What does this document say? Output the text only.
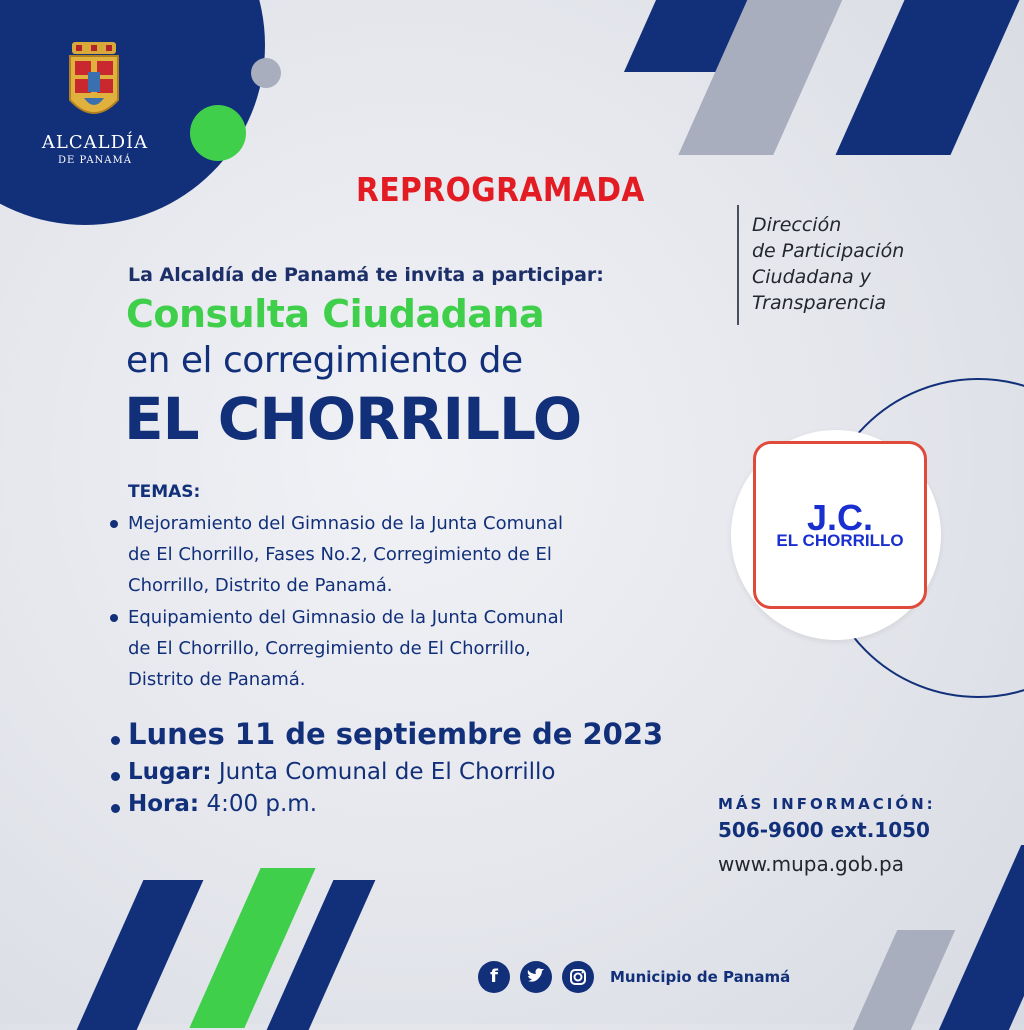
ALCALDÍA
DE PANAMÁ
REPROGRAMADA
Dirección
de Participación
Ciudadana y
Transparencia
La Alcaldía de Panamá te invita a participar:
Consulta Ciudadana
en el corregimiento de
EL CHORRILLO
TEMAS:
Mejoramiento del Gimnasio de la Junta Comunal
de El Chorrillo, Fases No.2, Corregimiento de El
Chorrillo, Distrito de Panamá.
Equipamiento del Gimnasio de la Junta Comunal
de El Chorrillo, Corregimiento de El Chorrillo,
Distrito de Panamá.
Lunes 11 de septiembre de 2023
Lugar: Junta Comunal de El Chorrillo
Hora: 4:00 p.m.
J.C.
EL CHORRILLO
MÁS INFORMACIÓN:
506-9600 ext.1050
www.mupa.gob.pa
f	Municipio de Panamá
